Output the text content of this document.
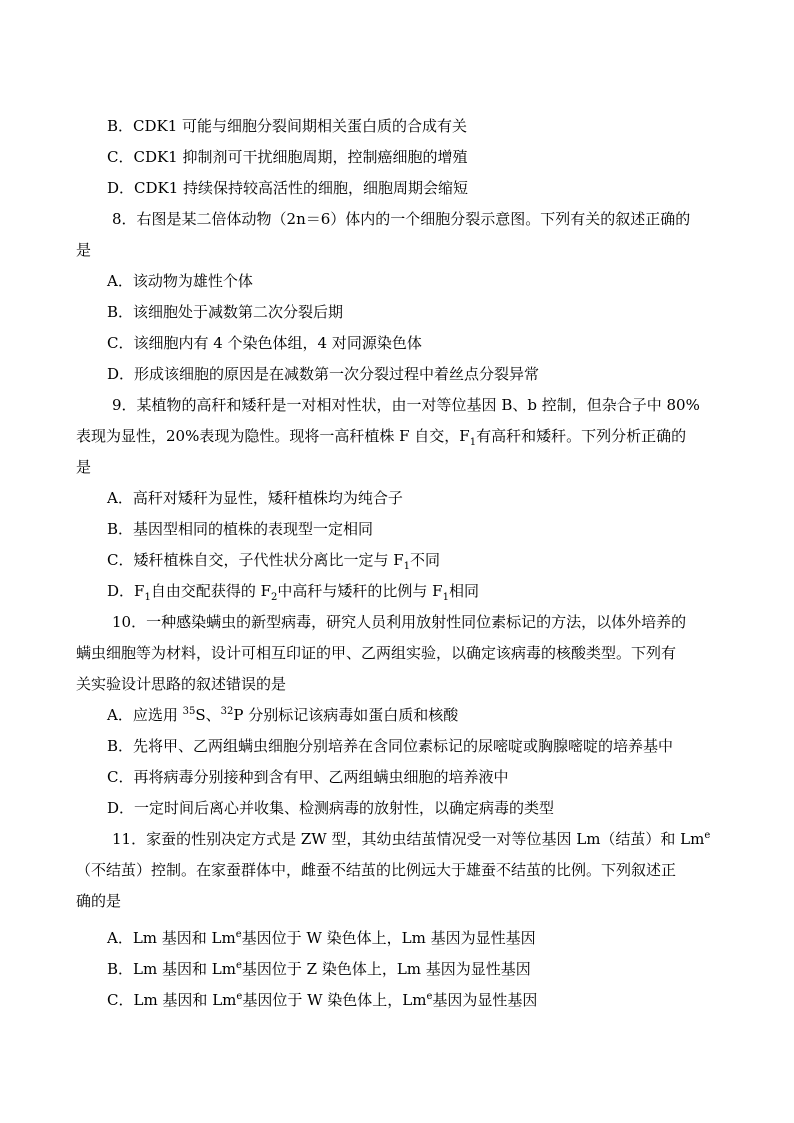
B．CDK1 可能与细胞分裂间期相关蛋白质的合成有关
C．CDK1 抑制剂可干扰细胞周期，控制癌细胞的增殖
D．CDK1 持续保持较高活性的细胞，细胞周期会缩短
8．右图是某二倍体动物（2n＝6）体内的一个细胞分裂示意图。下列有关的叙述正确的
是
A．该动物为雄性个体
B．该细胞处于减数第二次分裂后期
C．该细胞内有 4 个染色体组，4 对同源染色体
D．形成该细胞的原因是在减数第一次分裂过程中着丝点分裂异常
9．某植物的高秆和矮秆是一对相对性状，由一对等位基因 B、b 控制，但杂合子中 80%
表现为显性，20%表现为隐性。现将一高秆植株 F 自交，$F_1$有高秆和矮秆。下列分析正确的
是
A．高秆对矮秆为显性，矮秆植株均为纯合子
B．基因型相同的植株的表现型一定相同
C．矮秆植株自交，子代性状分离比一定与 $F_1$不同
D．$F_1$自由交配获得的 $F_2$中高秆与矮秆的比例与 $F_1$相同
10．一种感染螨虫的新型病毒，研究人员利用放射性同位素标记的方法，以体外培养的
螨虫细胞等为材料，设计可相互印证的甲、乙两组实验，以确定该病毒的核酸类型。下列有
关实验设计思路的叙述错误的是
A．应选用 $^{35}$S、$^{32}$P 分别标记该病毒如蛋白质和核酸
B．先将甲、乙两组螨虫细胞分别培养在含同位素标记的尿嘧啶或胸腺嘧啶的培养基中
C．再将病毒分别接种到含有甲、乙两组螨虫细胞的培养液中
D．一定时间后离心并收集、检测病毒的放射性，以确定病毒的类型
11．家蚕的性别决定方式是 ZW 型，其幼虫结茧情况受一对等位基因 Lm（结茧）和 Lm$^e$
（不结茧）控制。在家蚕群体中，雌蚕不结茧的比例远大于雄蚕不结茧的比例。下列叙述正
确的是
A．Lm 基因和 Lm$^e$基因位于 W 染色体上，Lm 基因为显性基因
B．Lm 基因和 Lm$^e$基因位于 Z 染色体上，Lm 基因为显性基因
C．Lm 基因和 Lm$^e$基因位于 W 染色体上，Lm$^e$基因为显性基因
